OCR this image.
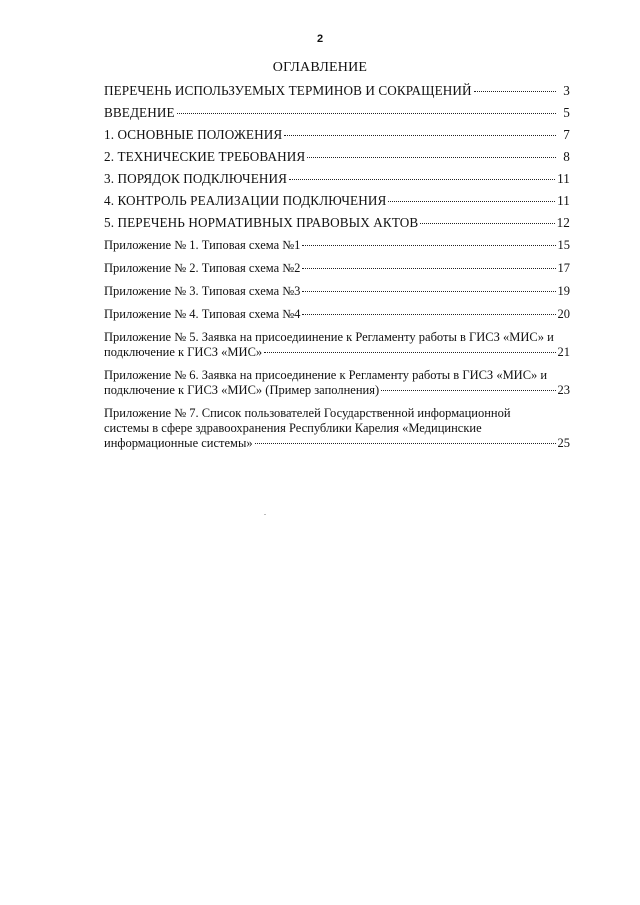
2
ОГЛАВЛЕНИЕ
ПЕРЕЧЕНЬ ИСПОЛЬЗУЕМЫХ ТЕРМИНОВ И СОКРАЩЕНИЙ	3
ВВЕДЕНИЕ	5
1. ОСНОВНЫЕ ПОЛОЖЕНИЯ	7
2. ТЕХНИЧЕСКИЕ ТРЕБОВАНИЯ	8
3. ПОРЯДОК ПОДКЛЮЧЕНИЯ	11
4. КОНТРОЛЬ РЕАЛИЗАЦИИ ПОДКЛЮЧЕНИЯ	11
5. ПЕРЕЧЕНЬ НОРМАТИВНЫХ ПРАВОВЫХ АКТОВ	12
Приложение № 1. Типовая схема №1	15
Приложение № 2. Типовая схема №2	17
Приложение № 3. Типовая схема №3	19
Приложение № 4. Типовая схема №4	20
Приложение № 5. Заявка на присоедиинение к Регламенту работы в ГИСЗ «МИС» и
подключение к ГИСЗ «МИС»	21
Приложение № 6. Заявка на присоединение к Регламенту работы в ГИСЗ «МИС» и
подключение к ГИСЗ «МИС» (Пример заполнения)	23
Приложение № 7. Список пользователей Государственной информационной
системы в сфере здравоохранения Республики Карелия «Медицинские
информационные системы»	25
